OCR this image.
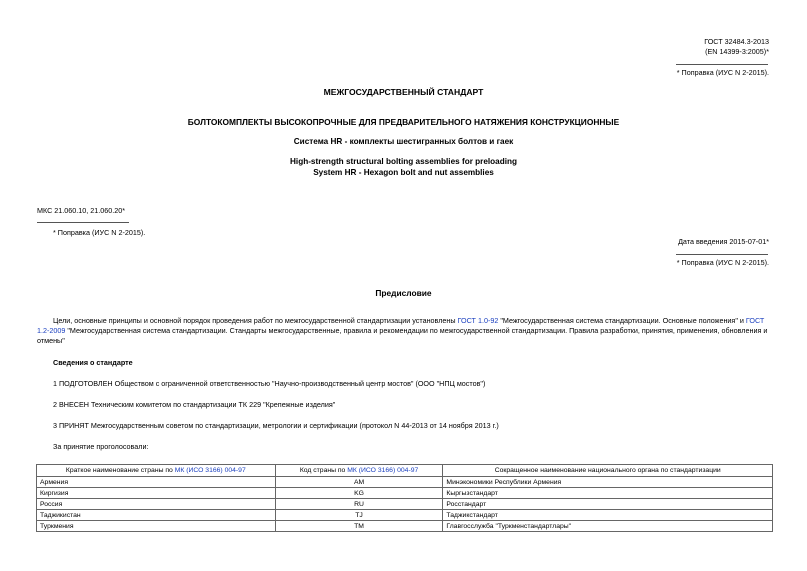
ГОСТ 32484.3-2013
(EN 14399-3:2005)*
* Поправка (ИУС N 2-2015).
МЕЖГОСУДАРСТВЕННЫЙ СТАНДАРТ
БОЛТОКОМПЛЕКТЫ ВЫСОКОПРОЧНЫЕ ДЛЯ ПРЕДВАРИТЕЛЬНОГО НАТЯЖЕНИЯ КОНСТРУКЦИОННЫЕ
Система HR - комплекты шестигранных болтов и гаек
High-strength structural bolting assemblies for preloading
System HR - Hexagon bolt and nut assemblies
МКС 21.060.10, 21.060.20*
* Поправка (ИУС N 2-2015).
Дата введения 2015-07-01*
* Поправка (ИУС N 2-2015).
Предисловие
Цели, основные принципы и основной порядок проведения работ по межгосударственной стандартизации установлены ГОСТ 1.0-92 "Межгосударственная система стандартизации. Основные положения" и ГОСТ 1.2-2009 "Межгосударственная система стандартизации. Стандарты межгосударственные, правила и рекомендации по межгосударственной стандартизации. Правила разработки, принятия, применения, обновления и отмены"
Сведения о стандарте
1 ПОДГОТОВЛЕН Обществом с ограниченной ответственностью "Научно-производственный центр мостов" (ООО "НПЦ мостов")
2 ВНЕСЕН Техническим комитетом по стандартизации ТК 229 "Крепежные изделия"
3 ПРИНЯТ Межгосударственным советом по стандартизации, метрологии и сертификации (протокол N 44-2013 от 14 ноября 2013 г.)
За принятие проголосовали:
Краткое наименование страны по МК (ИСО 3166) 004-97	Код страны по МК (ИСО 3166) 004-97	Сокращенное наименование национального органа по стандартизации
Армения	AM	Минэкономики Республики Армения
Киргизия	KG	Кыргызстандарт
Россия	RU	Росстандарт
Таджикистан	TJ	Таджикстандарт
Туркмения	TM	Главгосслужба "Туркменстандартлары"
